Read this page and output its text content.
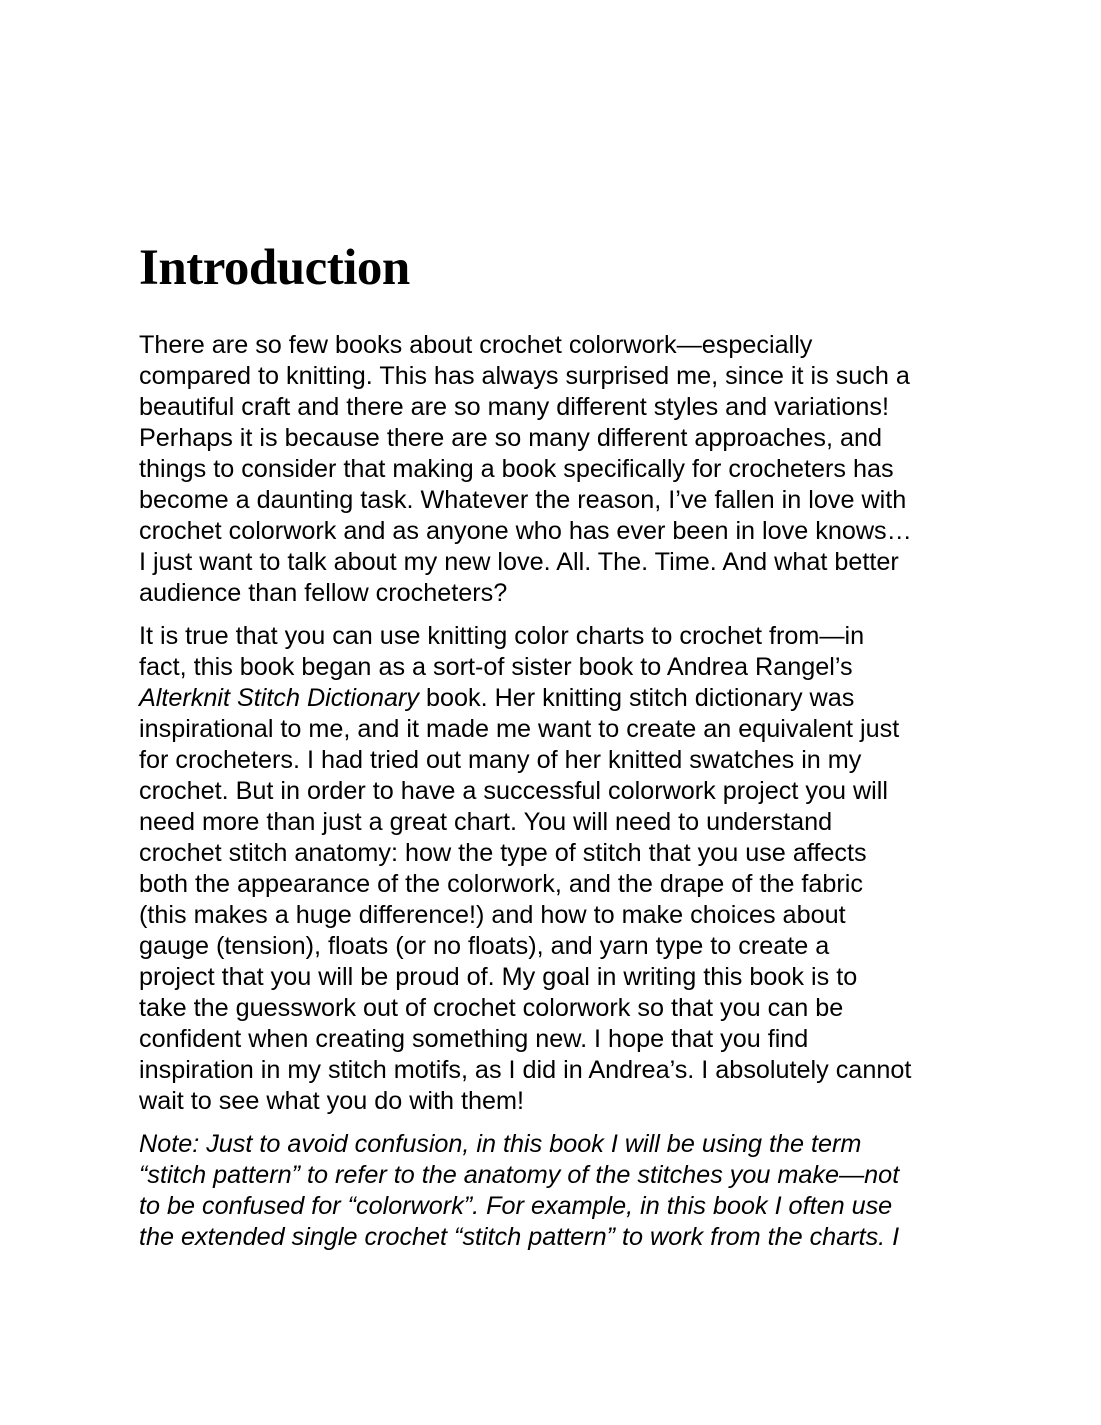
Introduction

There are so few books about crochet colorwork—especially
compared to knitting. This has always surprised me, since it is such a
beautiful craft and there are so many different styles and variations!
Perhaps it is because there are so many different approaches, and
things to consider that making a book specifically for crocheters has
become a daunting task. Whatever the reason, I’ve fallen in love with
crochet colorwork and as anyone who has ever been in love knows…
I just want to talk about my new love. All. The. Time. And what better
audience than fellow crocheters?

It is true that you can use knitting color charts to crochet from—in
fact, this book began as a sort-of sister book to Andrea Rangel’s
Alterknit Stitch Dictionary book. Her knitting stitch dictionary was
inspirational to me, and it made me want to create an equivalent just
for crocheters. I had tried out many of her knitted swatches in my
crochet. But in order to have a successful colorwork project you will
need more than just a great chart. You will need to understand
crochet stitch anatomy: how the type of stitch that you use affects
both the appearance of the colorwork, and the drape of the fabric
(this makes a huge difference!) and how to make choices about
gauge (tension), floats (or no floats), and yarn type to create a
project that you will be proud of. My goal in writing this book is to
take the guesswork out of crochet colorwork so that you can be
confident when creating something new. I hope that you find
inspiration in my stitch motifs, as I did in Andrea’s. I absolutely cannot
wait to see what you do with them!

Note: Just to avoid confusion, in this book I will be using the term
“stitch pattern” to refer to the anatomy of the stitches you make—not
to be confused for “colorwork”. For example, in this book I often use
the extended single crochet “stitch pattern” to work from the charts. I
